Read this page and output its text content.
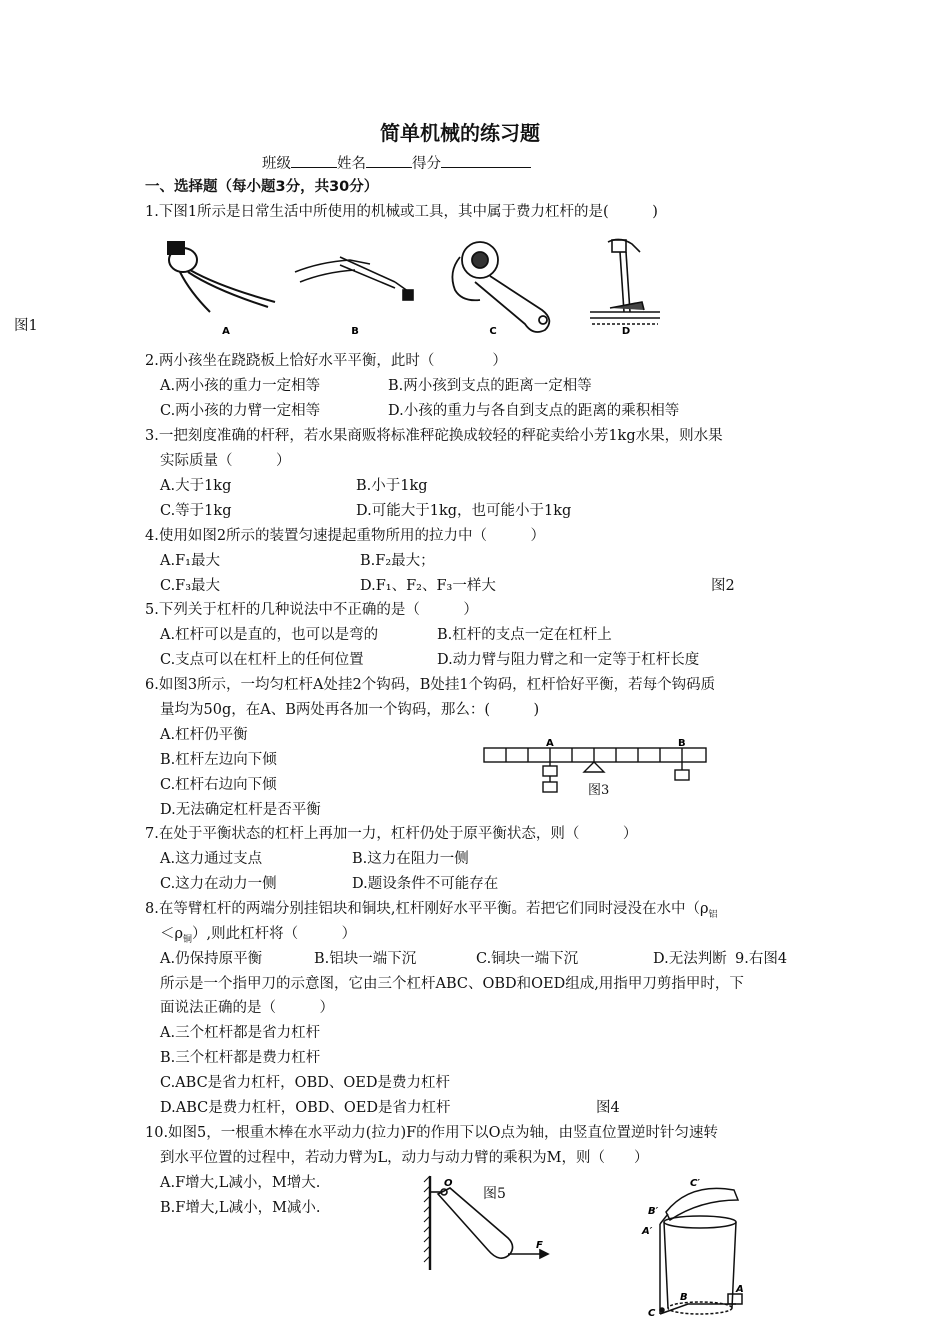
简单机械的练习题
班级	姓名	得分
一、选择题（每小题3分，共30分）
1.下图1所示是日常生活中所使用的机械或工具，其中属于费力杠杆的是(　　　)
图1	A	B	C	D
2.两小孩坐在跷跷板上恰好水平平衡，此时（　　　　）
A.两小孩的重力一定相等	B.两小孩到支点的距离一定相等
C.两小孩的力臂一定相等	D.小孩的重力与各自到支点的距离的乘积相等
3.一把刻度准确的杆秤，若水果商贩将标准秤砣换成较轻的秤砣卖给小芳1kg水果，则水果
实际质量（　　　）
A.大于1kg	B.小于1kg
C.等于1kg	D.可能大于1kg，也可能小于1kg
4.使用如图2所示的装置匀速提起重物所用的拉力中（　　　）
A.F₁最大	B.F₂最大；
C.F₃最大	D.F₁、F₂、F₃一样大	图2
5.下列关于杠杆的几种说法中不正确的是（　　　）
A.杠杆可以是直的，也可以是弯的	B.杠杆的支点一定在杠杆上
C.支点可以在杠杆上的任何位置	D.动力臂与阻力臂之和一定等于杠杆长度
6.如图3所示，一均匀杠杆A处挂2个钩码，B处挂1个钩码，杠杆恰好平衡，若每个钩码质
量均为50g，在A、B两处再各加一个钩码，那么：(　　　)
A.杠杆仍平衡
B.杠杆左边向下倾
C.杠杆右边向下倾
D.无法确定杠杆是否平衡
A	B
图3
7.在处于平衡状态的杠杆上再加一力，杠杆仍处于原平衡状态，则（　　　）
A.这力通过支点	B.这力在阻力一侧
C.这力在动力一侧	D.题设条件不可能存在
8.在等臂杠杆的两端分别挂铝块和铜块,杠杆刚好水平平衡。若把它们同时浸没在水中（$\rho_铝$
$<\rho_铜$）,则此杠杆将（　　　）
A.仍保持原平衡	B.铝块一端下沉	C.铜块一端下沉	D.无法判断 9.右图4
所示是一个指甲刀的示意图，它由三个杠杆ABC、OBD和OED组成,用指甲刀剪指甲时，下
面说法正确的是（　　　）
A.三个杠杆都是省力杠杆
B.三个杠杆都是费力杠杆
C.ABC是省力杠杆，OBD、OED是费力杠杆
D.ABC是费力杠杆，OBD、OED是省力杠杆	图4
10.如图5，一根重木棒在水平动力(拉力)F的作用下以O点为轴，由竖直位置逆时针匀速转
到水平位置的过程中，若动力臂为L，动力与动力臂的乘积为M，则（　　）
A.F增大,L减小，M增大.
B.F增大,L减小，M减小.
图5
O
F
C′
B′
A′
A
B
C
